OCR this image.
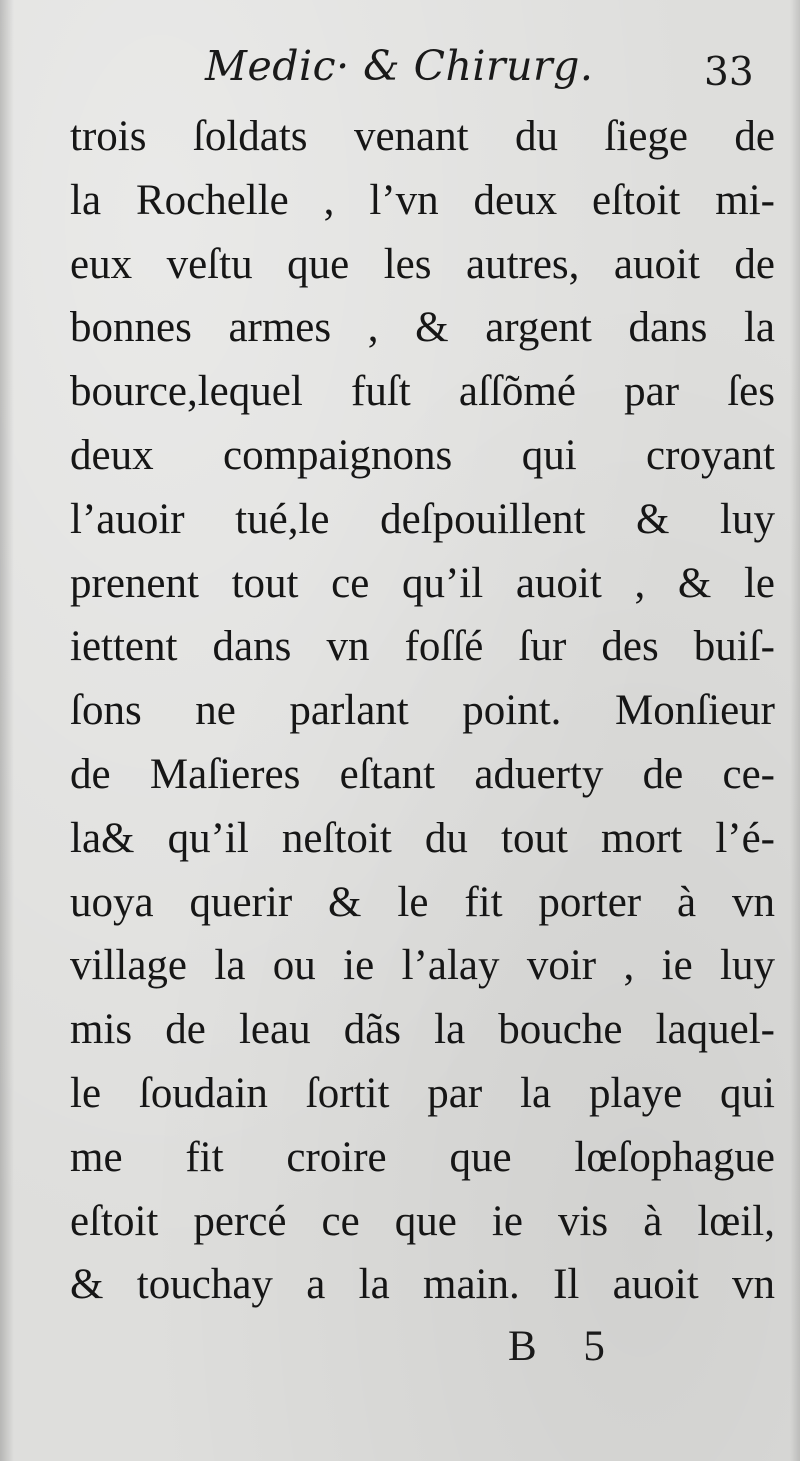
Medic· & Chirurg.	33
trois ſoldats venant du ſiege de
la Rochelle , l’vn deux eſtoit mi-
eux veſtu que les autres, auoit de
bonnes armes , & argent dans la
bource,lequel fuſt aſſõmé par ſes
deux compaignons qui croyant
l’auoir tué,le deſpouillent & luy
prenent tout ce qu’il auoit , & le
iettent dans vn foſſé ſur des buiſ-
ſons ne parlant point. Monſieur
de Maſieres eſtant aduerty de ce-
la& qu’il neſtoit du tout mort l’é-
uoya querir & le fit porter à vn
village la ou ie l’alay voir , ie luy
mis de leau dãs la bouche laquel-
le ſoudain ſortit par la playe qui
me fit croire que lœſophague
eſtoit percé ce que ie vis à lœil,
& touchay a la main. Il auoit vn
B 5
